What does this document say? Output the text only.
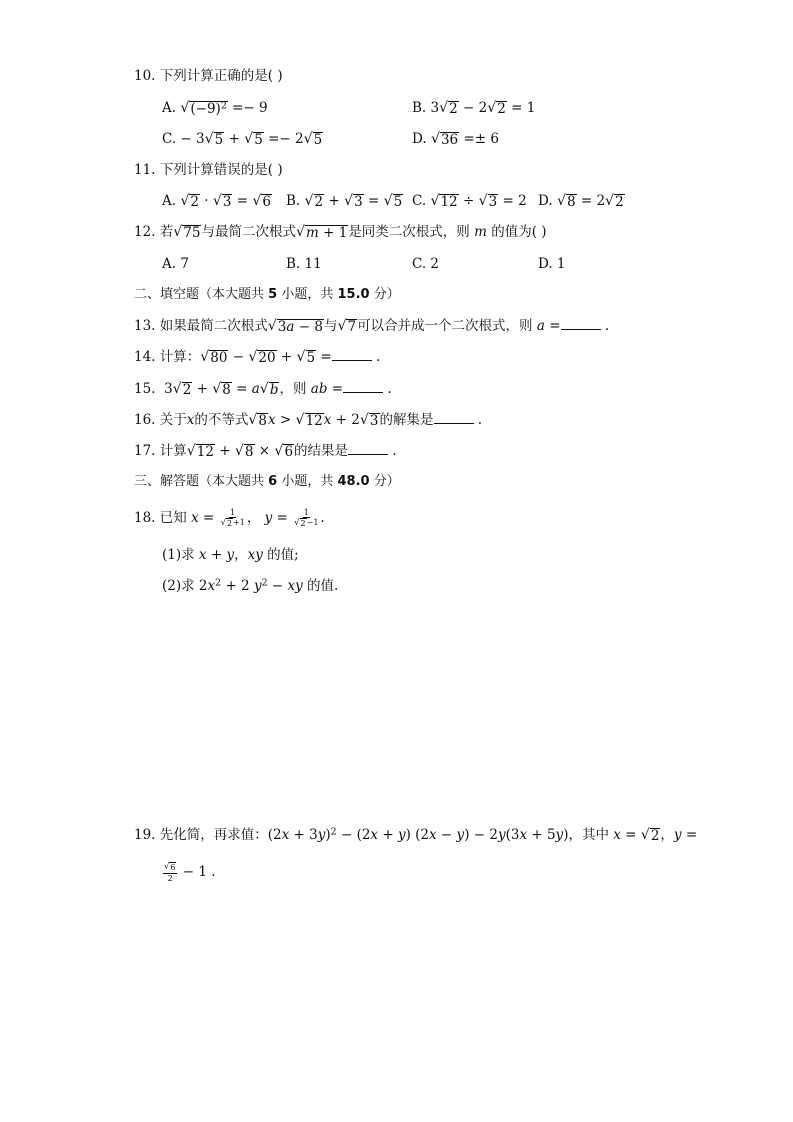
10. 下列计算正确的是( )
A. √ $(-9)^2 =- 9$	B. 3 √ 2 − 2 √ 2 = 1
C. − 3 √ 5 + √ 5 =− 2 √ 5	D. √ 36 =± 6
11. 下列计算错误的是( )
A. √ 2 · √ 3 = √ 6 B. √ 2 + √ 3 = √ 5 C. √ 12 ÷ √ 3 = 2 D. √ 8 = 2 √ 2
12. 若 √ 75 与最简二次根式 √ m + 1 是同类二次根式，则 m 的值为( )
A. 7	B. 11	C. 2	D. 1
二、填空题（本大题共 5 小题，共 15.0 分）
13. 如果最简二次根式 √ 3a − 8 与 √ 7 可以合并成一个二次根式，则 a =	.
14. 计算： √ 80 − √ 20 + √ 5 =	.
15.  3 √ 2 + √ 8 = a √ b ，则 ab =	.
16. 关于x的不等式 √ 8 x > √ 12 x + 2 √ 3 的解集是	.
17. 计算 √ 12 + √ 8 × √ 6 的结果是	.
三、解答题（本大题共 6 小题，共 48.0 分）
18. 已知 $x = \frac{1}{√ 2 +1}$ ， $y = \frac{1}{√ 2 -1}$ .
(1)求 x + y，xy 的值;
(2)求 $2x^2 + 2$ $y^2$ − xy 的值.
19. 先化简，再求值：$(2x + 3y)^2 - (2x + y)$ (2x − y) − 2y(3x + 5y)，其中 x = √ 2 ，y =
$\frac{√ 6}{2} - 1$ .
